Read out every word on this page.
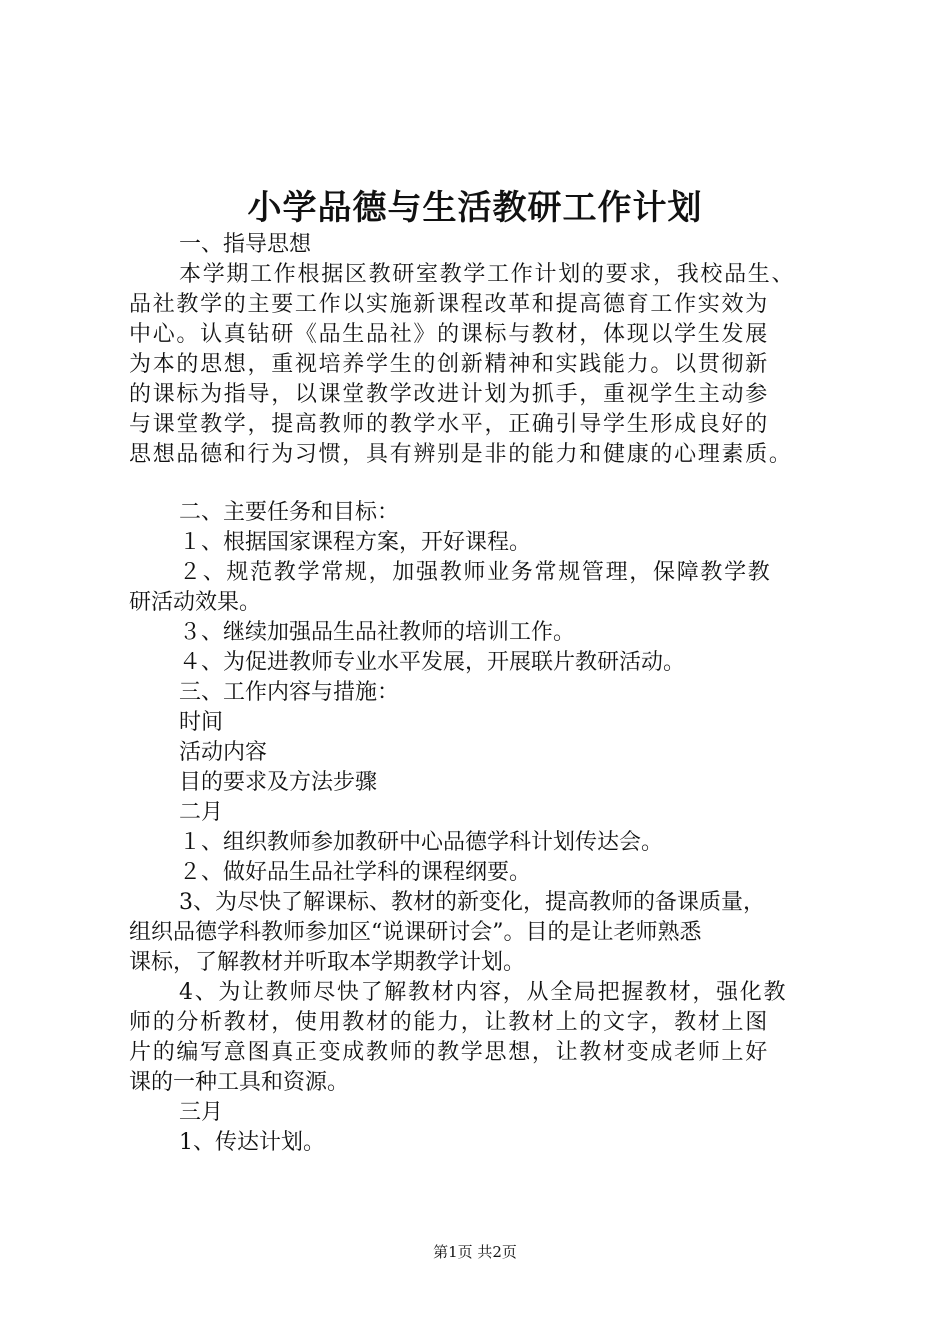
小学品德与生活教研工作计划
一、指导思想
本学期工作根据区教研室教学工作计划的要求，我校品生、
品社教学的主要工作以实施新课程改革和提高德育工作实效为
中心。认真钻研《品生品社》的课标与教材，体现以学生发展
为本的思想，重视培养学生的创新精神和实践能力。以贯彻新
的课标为指导，以课堂教学改进计划为抓手，重视学生主动参
与课堂教学，提高教师的教学水平，正确引导学生形成良好的
思想品德和行为习惯，具有辨别是非的能力和健康的心理素质。
二、主要任务和目标：
１、根据国家课程方案，开好课程。
２、规范教学常规，加强教师业务常规管理，保障教学教
研活动效果。
３、继续加强品生品社教师的培训工作。
４、为促进教师专业水平发展，开展联片教研活动。
三、工作内容与措施：
时间
活动内容
目的要求及方法步骤
二月
１、组织教师参加教研中心品德学科计划传达会。
２、做好品生品社学科的课程纲要。
3、为尽快了解课标、教材的新变化，提高教师的备课质量，
组织品德学科教师参加区“说课研讨会”。目的是让老师熟悉
课标，了解教材并听取本学期教学计划。
4、为让教师尽快了解教材内容，从全局把握教材，强化教
师的分析教材，使用教材的能力，让教材上的文字，教材上图
片的编写意图真正变成教师的教学思想，让教材变成老师上好
课的一种工具和资源。
三月
1、传达计划。
第1页 共2页
